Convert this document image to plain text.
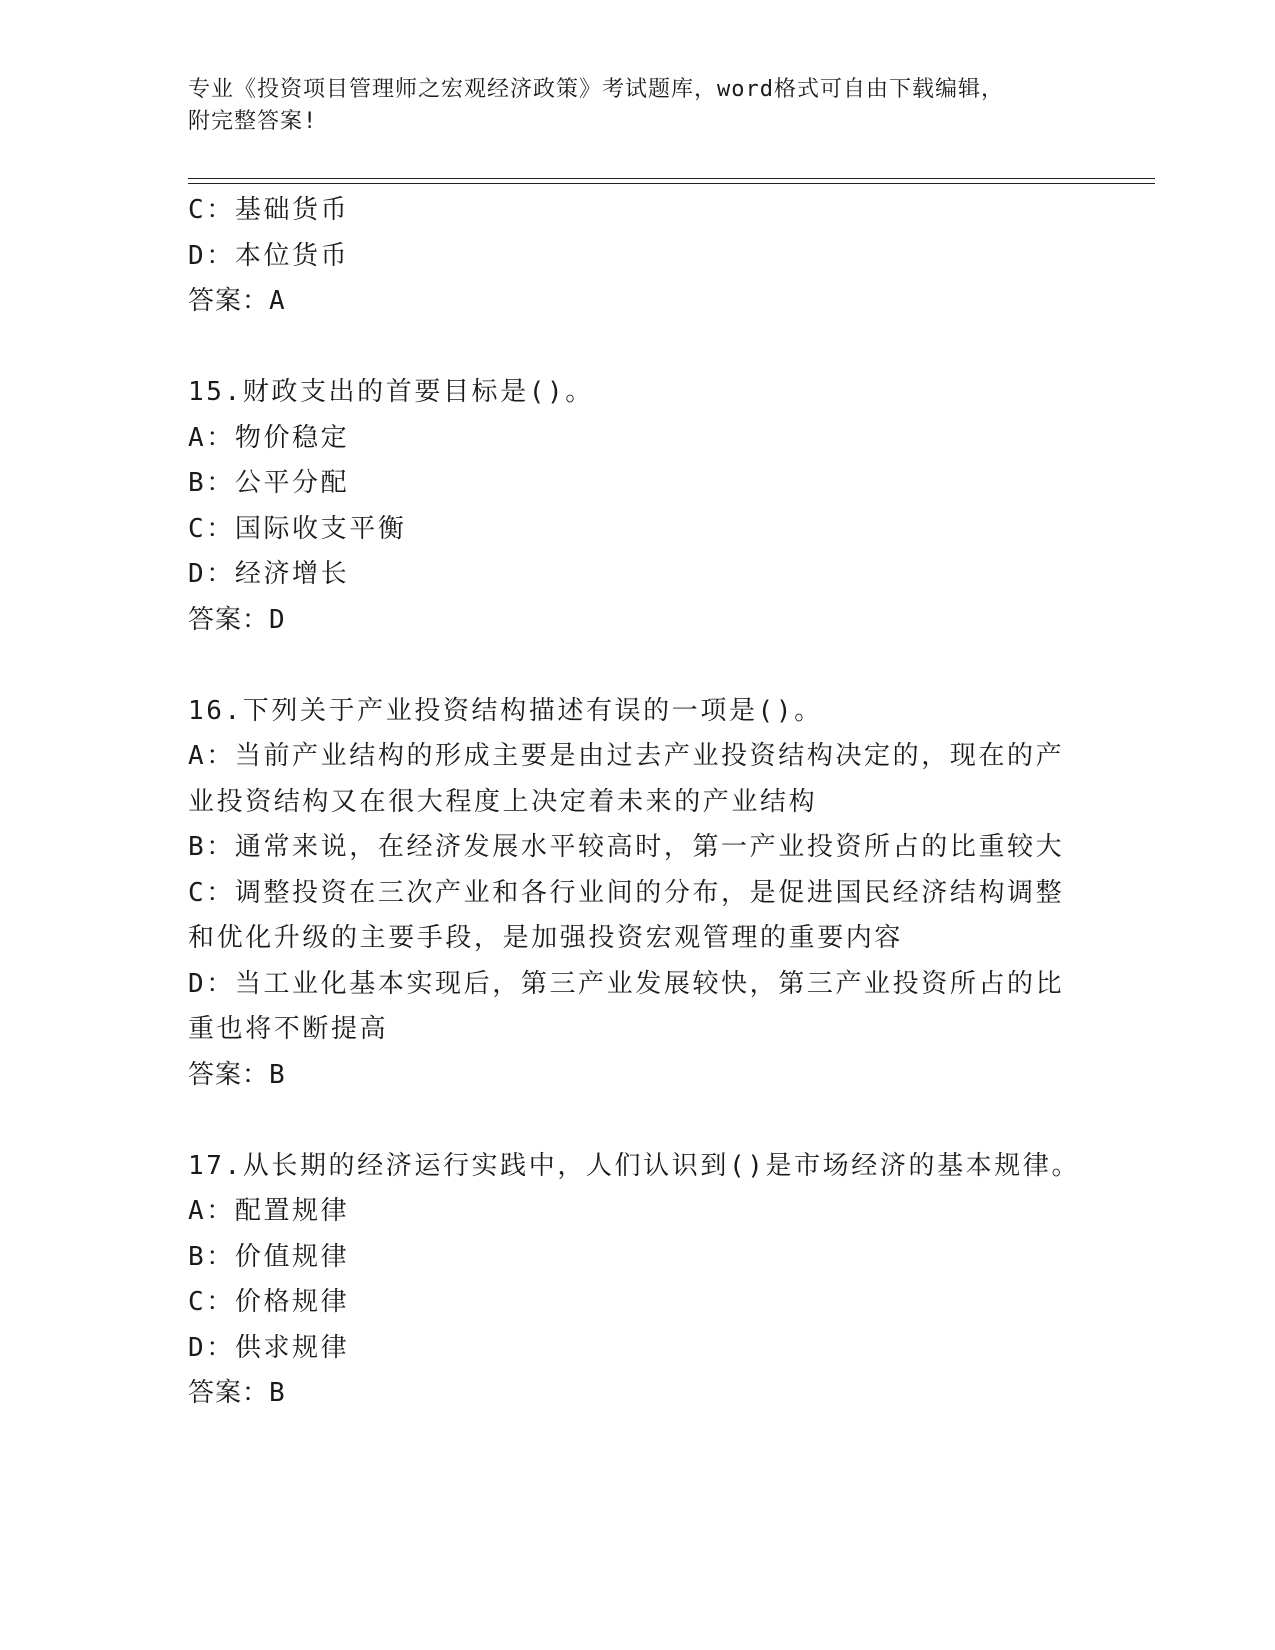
专业《投资项目管理师之宏观经济政策》考试题库，word格式可自由下载编辑，
附完整答案!
C：基础货币
D：本位货币
答案：A
15.财政支出的首要目标是()。
A：物价稳定
B：公平分配
C：国际收支平衡
D：经济增长
答案：D
16.下列关于产业投资结构描述有误的一项是()。
A：当前产业结构的形成主要是由过去产业投资结构决定的，现在的产
业投资结构又在很大程度上决定着未来的产业结构
B：通常来说，在经济发展水平较高时，第一产业投资所占的比重较大
C：调整投资在三次产业和各行业间的分布，是促进国民经济结构调整
和优化升级的主要手段，是加强投资宏观管理的重要内容
D：当工业化基本实现后，第三产业发展较快，第三产业投资所占的比
重也将不断提高
答案：B
17.从长期的经济运行实践中，人们认识到()是市场经济的基本规律。
A：配置规律
B：价值规律
C：价格规律
D：供求规律
答案：B
